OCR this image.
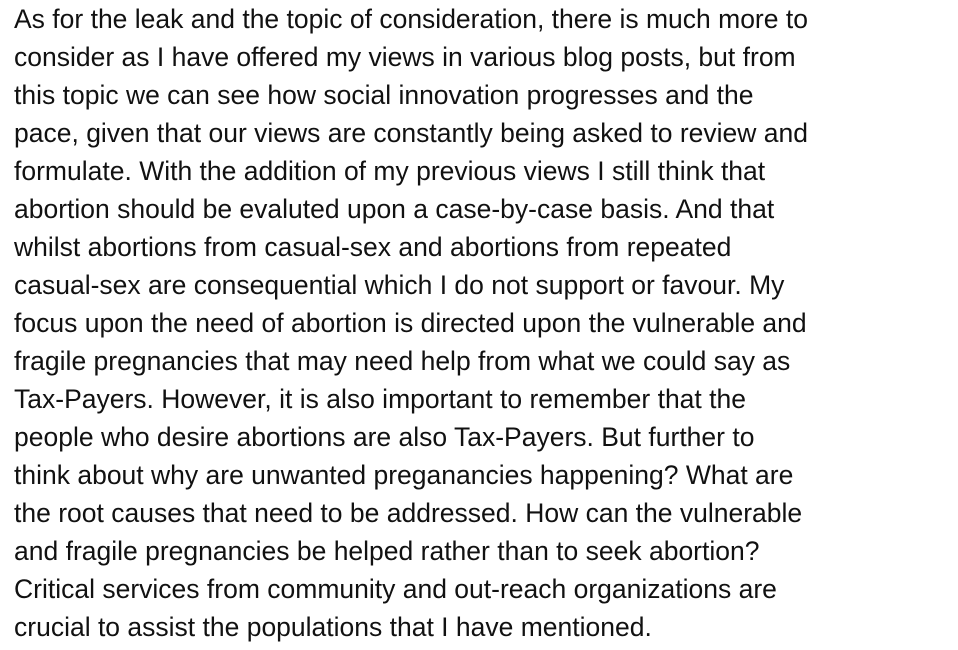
As for the leak and the topic of consideration, there is much more to
consider as I have offered my views in various blog posts, but from
this topic we can see how social innovation progresses and the
pace, given that our views are constantly being asked to review and
formulate. With the addition of my previous views I still think that
abortion should be evaluted upon a case-by-case basis. And that
whilst abortions from casual-sex and abortions from repeated
casual-sex are consequential which I do not support or favour. My
focus upon the need of abortion is directed upon the vulnerable and
fragile pregnancies that may need help from what we could say as
Tax-Payers. However, it is also important to remember that the
people who desire abortions are also Tax-Payers. But further to
think about why are unwanted preganancies happening? What are
the root causes that need to be addressed. How can the vulnerable
and fragile pregnancies be helped rather than to seek abortion?
Critical services from community and out-reach organizations are
crucial to assist the populations that I have mentioned.
